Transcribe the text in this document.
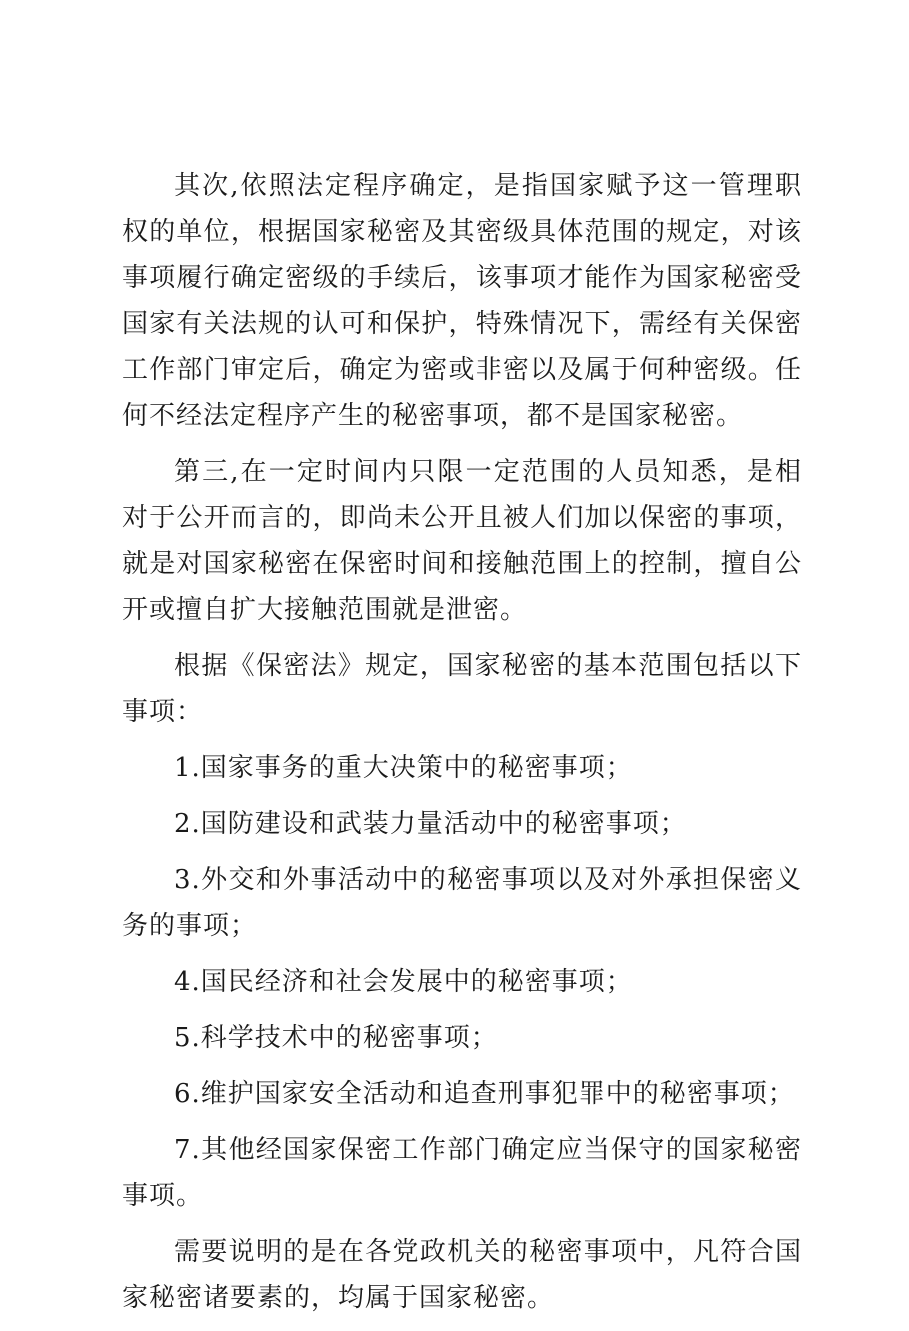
其次,依照法定程序确定，是指国家赋予这一管理职权的单位，根据国家秘密及其密级具体范围的规定，对该事项履行确定密级的手续后，该事项才能作为国家秘密受国家有关法规的认可和保护，特殊情况下，需经有关保密工作部门审定后，确定为密或非密以及属于何种密级。任何不经法定程序产生的秘密事项，都不是国家秘密。

第三,在一定时间内只限一定范围的人员知悉，是相对于公开而言的，即尚未公开且被人们加以保密的事项，就是对国家秘密在保密时间和接触范围上的控制，擅自公开或擅自扩大接触范围就是泄密。

根据《保密法》规定，国家秘密的基本范围包括以下事项：

1.国家事务的重大决策中的秘密事项；

2.国防建设和武装力量活动中的秘密事项；

3.外交和外事活动中的秘密事项以及对外承担保密义务的事项；

4.国民经济和社会发展中的秘密事项；

5.科学技术中的秘密事项；

6.维护国家安全活动和追查刑事犯罪中的秘密事项；

7.其他经国家保密工作部门确定应当保守的国家秘密事项。

需要说明的是在各党政机关的秘密事项中，凡符合国家秘密诸要素的，均属于国家秘密。
